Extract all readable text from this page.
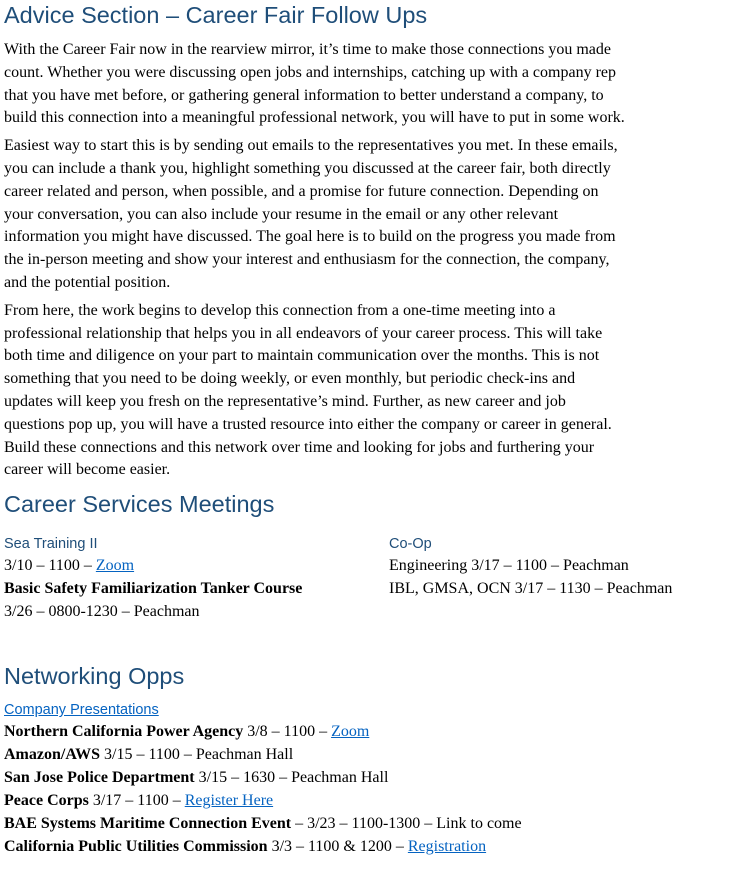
Advice Section – Career Fair Follow Ups
With the Career Fair now in the rearview mirror, it’s time to make those connections you made
count. Whether you were discussing open jobs and internships, catching up with a company rep
that you have met before, or gathering general information to better understand a company, to
build this connection into a meaningful professional network, you will have to put in some work.
Easiest way to start this is by sending out emails to the representatives you met. In these emails,
you can include a thank you, highlight something you discussed at the career fair, both directly
career related and person, when possible, and a promise for future connection. Depending on
your conversation, you can also include your resume in the email or any other relevant
information you might have discussed. The goal here is to build on the progress you made from
the in-person meeting and show your interest and enthusiasm for the connection, the company,
and the potential position.
From here, the work begins to develop this connection from a one-time meeting into a
professional relationship that helps you in all endeavors of your career process. This will take
both time and diligence on your part to maintain communication over the months. This is not
something that you need to be doing weekly, or even monthly, but periodic check-ins and
updates will keep you fresh on the representative’s mind. Further, as new career and job
questions pop up, you will have a trusted resource into either the company or career in general.
Build these connections and this network over time and looking for jobs and furthering your
career will become easier.
Career Services Meetings
Sea Training II
3/10 – 1100 – Zoom
Basic Safety Familiarization Tanker Course
3/26 – 0800-1230 – Peachman
Co-Op
Engineering 3/17 – 1100 – Peachman
IBL, GMSA, OCN 3/17 – 1130 – Peachman
Networking Opps
Company Presentations
Northern California Power Agency 3/8 – 1100 – Zoom
Amazon/AWS 3/15 – 1100 – Peachman Hall
San Jose Police Department 3/15 – 1630 – Peachman Hall
Peace Corps 3/17 – 1100 – Register Here
BAE Systems Maritime Connection Event – 3/23 – 1100-1300 – Link to come
California Public Utilities Commission 3/3 – 1100 & 1200 – Registration
